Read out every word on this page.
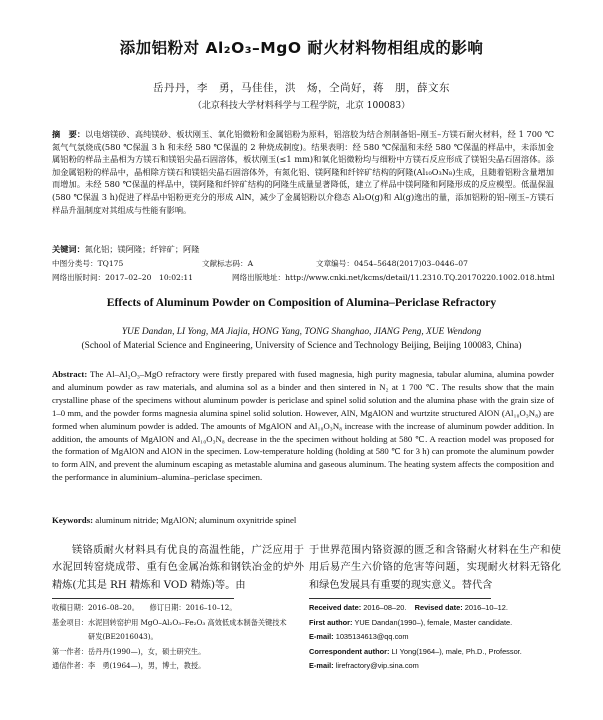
添加铝粉对 Al₂O₃–MgO 耐火材料物相组成的影响
岳丹丹，李　勇，马佳佳，洪　炀，仝尚好，蒋　朋，薛文东
（北京科技大学材料科学与工程学院，北京 100083）
摘　要：以电熔镁砂、高纯镁砂、板状刚玉、氧化铝微粉和金属铝粉为原料，铝溶胶为结合剂制备铝–刚玉–方镁石耐火材料，经 1 700 ℃氮气气氛烧成(580 ℃保温 3 h 和未经 580 ℃保温的 2 种烧成制度)。结果表明：经 580 ℃保温和未经 580 ℃保温的样品中，未添加金属铝粉的样品主晶相为方镁石和镁铝尖晶石固溶体，板状刚玉(≤1 mm)和氧化铝微粉均与细粉中方镁石反应形成了镁铝尖晶石固溶体。添加金属铝粉的样品中，晶相除方镁石和镁铝尖晶石固溶体外，有氮化铝、镁阿隆和纤锌矿结构的阿隆(Al₁₀O₃N₈)生成，且随着铝粉含量增加而增加。未经 580 ℃保温的样品中，镁阿隆和纤锌矿结构的阿隆生成量显著降低，建立了样品中镁阿隆和阿隆形成的反应模型。低温保温(580 ℃保温 3 h)促进了样品中铝粉更充分的形成 AlN，减少了金属铝粉以介稳态 Al₂O(g)和 Al(g)逸出的量，添加铝粉的铝–刚玉–方镁石样品升温制度对其组成与性能有影响。
关键词：氮化铝；镁阿隆；纤锌矿；阿隆
中图分类号：TQ175	文献标志码：A	文章编号：0454–5648(2017)03–0446–07
网络出版时间：2017–02–20　10:02:11	网络出版地址：http://www.cnki.net/kcms/detail/11.2310.TQ.20170220.1002.018.html
Effects of Aluminum Powder on Composition of Alumina–Periclase Refractory
YUE Dandan, LI Yong, MA Jiajia, HONG Yang, TONG Shanghao, JIANG Peng, XUE Wendong
(School of Material Science and Engineering, University of Science and Technology Beijing, Beijing 100083, China)
Abstract: The Al–Al₂O₃–MgO refractory were firstly prepared with fused magnesia, high purity magnesia, tabular alumina, alumina powder and aluminum powder as raw materials, and alumina sol as a binder and then sintered in N₂ at 1 700 ℃. The results show that the main crystalline phase of the specimens without aluminum powder is periclase and spinel solid solution and the alumina phase with the grain size of 1–0 mm, and the powder forms magnesia alumina spinel solid solution. However, AlN, MgAlON and wurtzite structured AlON (Al₁₀O₃N₈) are formed when aluminum powder is added. The amounts of MgAlON and Al₁₀O₃N₈ increase with the increase of aluminum powder addition. In addition, the amounts of MgAlON and Al₁₀O₃N₈ decrease in the the specimen without holding at 580 ℃. A reaction model was proposed for the formation of MgAlON and AlON in the specimen. Low-temperature holding (holding at 580 ℃ for 3 h) can promote the aluminum powder to form AlN, and prevent the aluminum escaping as metastable alumina and gaseous aluminum. The heating system affects the composition and the performance in aluminium–alumina–periclase specimen.
Keywords: aluminum nitride; MgAlON; aluminum oxynitride spinel
镁铬质耐火材料具有优良的高温性能，广泛应用于水泥回转窑烧成带、重有色金属冶炼和钢铁冶金的炉外精炼(尤其是 RH 精炼和 VOD 精炼)等。由
于世界范围内铬资源的匮乏和含铬耐火材料在生产和使用后易产生六价铬的危害等问题，实现耐火材料无铬化和绿色发展具有重要的现实意义。替代含
收稿日期：2016–08–20。　　修订日期：2016–10–12。
基金项目：水泥回转窑护用 MgO–Al₂O₃–Fe₂O₃ 高效低成本制备关键技术
研发(BE2016043)。
第一作者：岳丹丹(1990—)，女，硕士研究生。
通信作者：李　勇(1964—)，男，博士，教授。
Received date: 2016–08–20. Revised date: 2016–10–12.
First author: YUE Dandan(1990–), female, Master candidate.
E-mail: 1035134613@qq.com
Correspondent author: LI Yong(1964–), male, Ph.D., Professor.
E-mail: lirefractory@vip.sina.com
